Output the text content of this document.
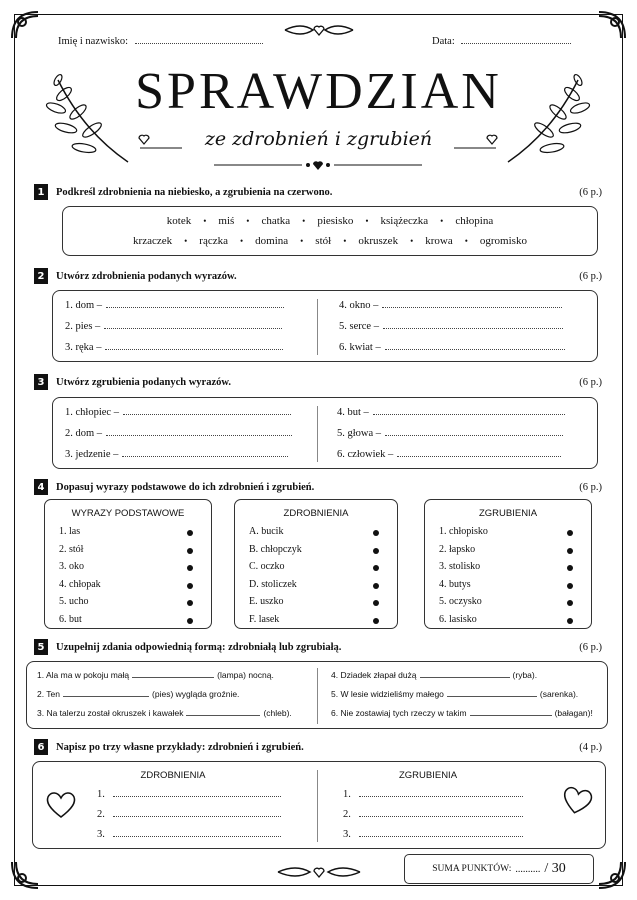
Imię i nazwisko:	Data:
SPRAWDZIAN
ze zdrobnień i zgrubień
1	Podkreśl zdrobnienia na niebiesko, a zgrubienia na czerwono.	(6 p.)
kotek • miś • chatka • piesisko • książeczka • chłopina
krzaczek • rączka • domina • stół • okruszek • krowa • ogromisko
2	Utwórz zdrobnienia podanych wyrazów.	(6 p.)
1. dom –
2. pies –
3. ręka –
4. okno –
5. serce –
6. kwiat –
3	Utwórz zgrubienia podanych wyrazów.	(6 p.)
1. chłopiec –
2. dom –
3. jedzenie –
4. but –
5. głowa –
6. człowiek –
4	Dopasuj wyrazy podstawowe do ich zdrobnień i zgrubień.	(6 p.)
WYRAZY PODSTAWOWE
1. las
2. stół
3. oko
4. chłopak
5. ucho
6. but
ZDROBNIENIA
A. bucik
B. chłopczyk
C. oczko
D. stoliczek
E. uszko
F. lasek
ZGRUBIENIA
1. chłopisko
2. łapsko
3. stolisko
4. butys
5. oczysko
6. lasisko
5	Uzupełnij zdania odpowiednią formą: zdrobniałą lub zgrubiałą.	(6 p.)
1. Ala ma w pokoju małą	(lampa) nocną.
2. Ten	(pies) wygląda groźnie.
3. Na talerzu został okruszek i kawałek	(chleb).
4. Dziadek złapał dużą	(ryba).
5. W lesie widzieliśmy małego	(sarenka).
6. Nie zostawiaj tych rzeczy w takim	(bałagan)!
6	Napisz po trzy własne przykłady: zdrobnień i zgrubień.	(4 p.)
ZDROBNIENIA	ZGRUBIENIA
1.
2.
3.
1.
2.
3.
SUMA PUNKTÓW: .......... / 30
